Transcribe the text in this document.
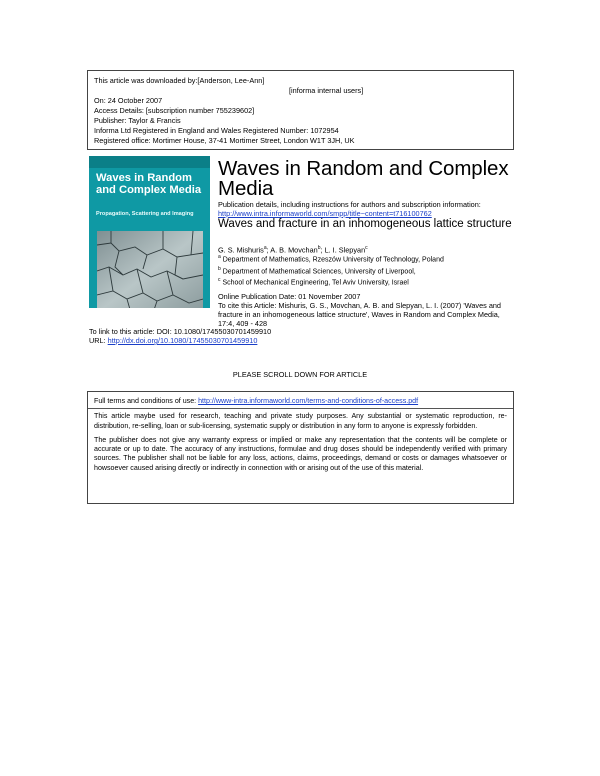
This article was downloaded by:[Anderson, Lee-Ann]
[informa internal users]
On: 24 October 2007
Access Details: [subscription number 755239602]
Publisher: Taylor & Francis
Informa Ltd Registered in England and Wales Registered Number: 1072954
Registered office: Mortimer House, 37-41 Mortimer Street, London W1T 3JH, UK
Waves in Random and Complex Media
Propagation, Scattering and Imaging
Waves in Random and Complex Media
Publication details, including instructions for authors and subscription information:
http://www.intra.informaworld.com/smpp/title~content=t716100762
Waves and fracture in an inhomogeneous lattice structure
G. S. Mishuris$^a$; A. B. Movchan$^b$; L. I. Slepyan$^c$
$^a$ Department of Mathematics, Rzeszów University of Technology, Poland
$^b$ Department of Mathematical Sciences, University of Liverpool,
$^c$ School of Mechanical Engineering, Tel Aviv University, Israel
Online Publication Date: 01 November 2007
To cite this Article: Mishuris, G. S., Movchan, A. B. and Slepyan, L. I. (2007) 'Waves and fracture in an inhomogeneous lattice structure', Waves in Random and Complex Media, 17:4, 409 - 428
To link to this article: DOI: 10.1080/17455030701459910
URL: http://dx.doi.org/10.1080/17455030701459910
PLEASE SCROLL DOWN FOR ARTICLE
Full terms and conditions of use: http://www-intra.informaworld.com/terms-and-conditions-of-access.pdf

This article maybe used for research, teaching and private study purposes. Any substantial or systematic reproduction, re-distribution, re-selling, loan or sub-licensing, systematic supply or distribution in any form to anyone is expressly forbidden.

The publisher does not give any warranty express or implied or make any representation that the contents will be complete or accurate or up to date. The accuracy of any instructions, formulae and drug doses should be independently verified with primary sources. The publisher shall not be liable for any loss, actions, claims, proceedings, demand or costs or damages whatsoever or howsoever caused arising directly or indirectly in connection with or arising out of the use of this material.
